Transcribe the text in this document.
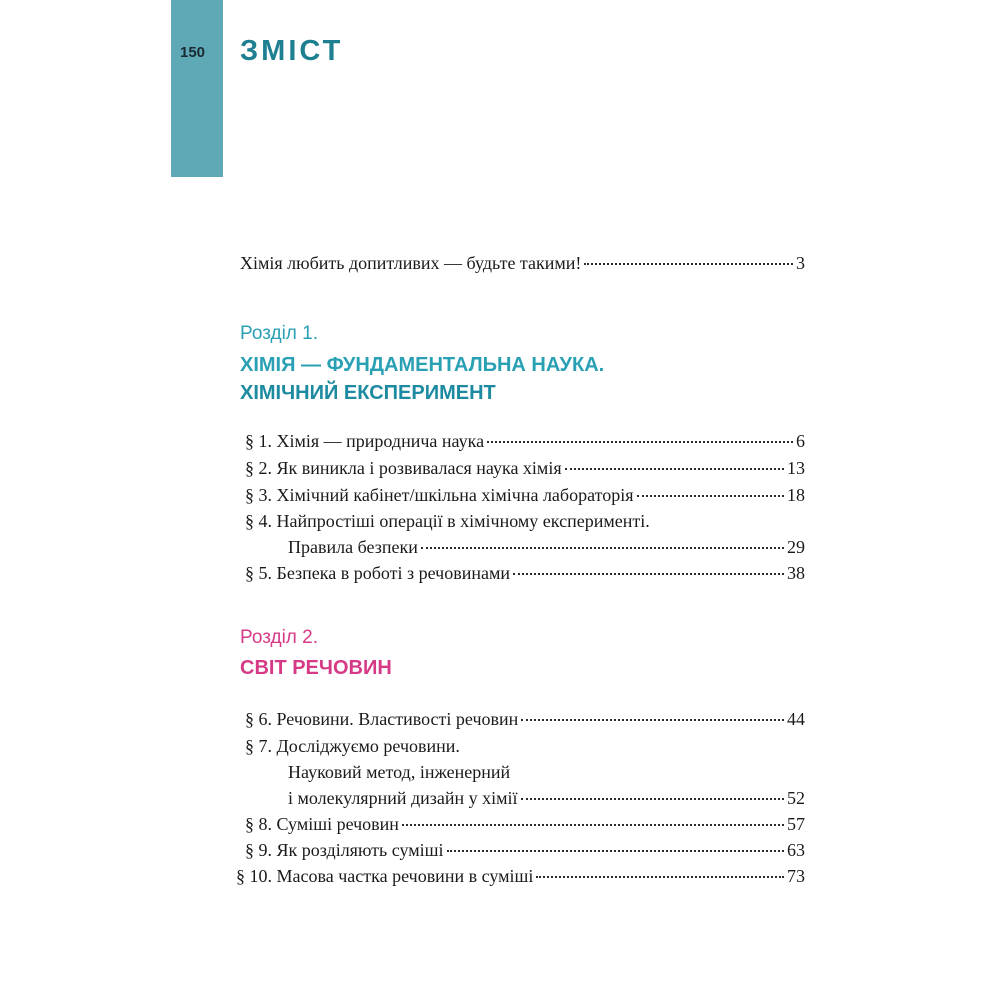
150 ЗМІСТ
Хімія любить допитливих — будьте такими!	3
Розділ 1.
ХІМІЯ — ФУНДАМЕНТАЛЬНА НАУКА.
ХІМІЧНИЙ ЕКСПЕРИМЕНТ
§ 1. Хімія — природнича наука	6
§ 2. Як виникла і розвивалася наука хімія	13
§ 3. Хімічний кабінет/шкільна хімічна лабораторія	18
§ 4. Найпростіші операції в хімічному експерименті.
Правила безпеки	29
§ 5. Безпека в роботі з речовинами	38
Розділ 2.
СВІТ РЕЧОВИН
§ 6. Речовини. Властивості речовин	44
§ 7. Досліджуємо речовини.
Науковий метод, інженерний
і молекулярний дизайн у хімії	52
§ 8. Суміші речовин	57
§ 9. Як розділяють суміші	63
§ 10. Масова частка речовини в суміші	73
